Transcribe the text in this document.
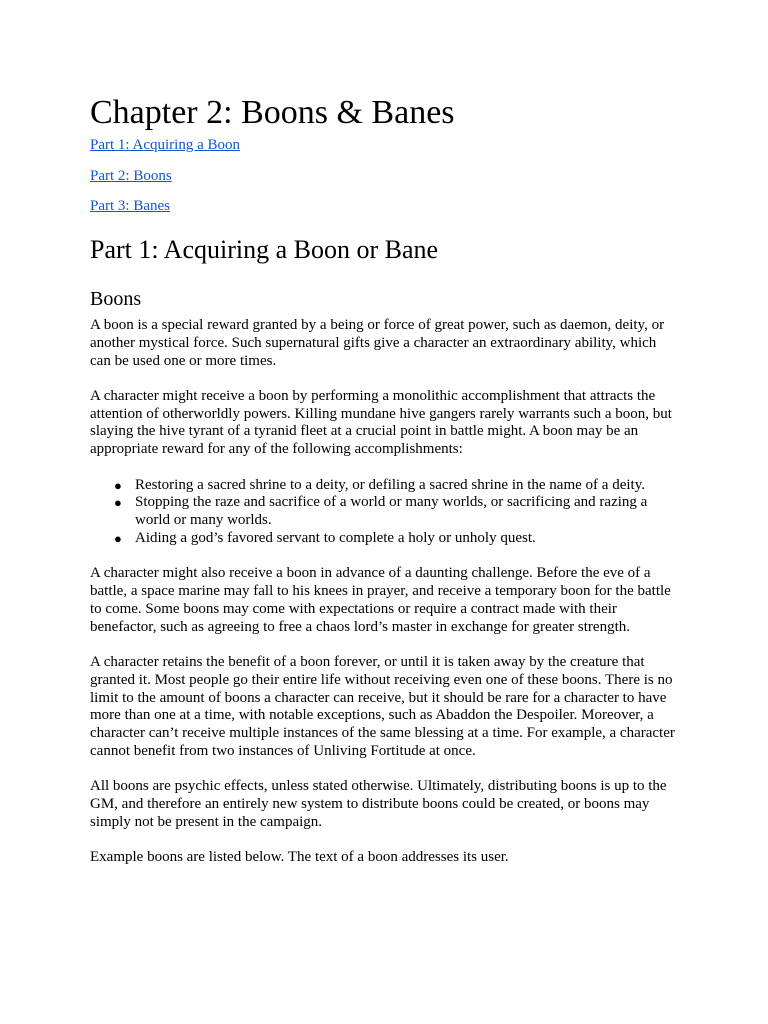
Chapter 2: Boons & Banes
Part 1: Acquiring a Boon
Part 2: Boons
Part 3: Banes
Part 1: Acquiring a Boon or Bane
Boons

A boon is a special reward granted by a being or force of great power, such as daemon, deity, or another mystical force. Such supernatural gifts give a character an extraordinary ability, which can be used one or more times.

A character might receive a boon by performing a monolithic accomplishment that attracts the attention of otherworldly powers. Killing mundane hive gangers rarely warrants such a boon, but slaying the hive tyrant of a tyranid fleet at a crucial point in battle might. A boon may be an appropriate reward for any of the following accomplishments:

● Restoring a sacred shrine to a deity, or defiling a sacred shrine in the name of a deity.
● Stopping the raze and sacrifice of a world or many worlds, or sacrificing and razing a world or many worlds.
● Aiding a god’s favored servant to complete a holy or unholy quest.

A character might also receive a boon in advance of a daunting challenge. Before the eve of a battle, a space marine may fall to his knees in prayer, and receive a temporary boon for the battle to come. Some boons may come with expectations or require a contract made with their benefactor, such as agreeing to free a chaos lord’s master in exchange for greater strength.

A character retains the benefit of a boon forever, or until it is taken away by the creature that granted it. Most people go their entire life without receiving even one of these boons. There is no limit to the amount of boons a character can receive, but it should be rare for a character to have more than one at a time, with notable exceptions, such as Abaddon the Despoiler. Moreover, a character can’t receive multiple instances of the same blessing at a time. For example, a character cannot benefit from two instances of Unliving Fortitude at once.

All boons are psychic effects, unless stated otherwise. Ultimately, distributing boons is up to the GM, and therefore an entirely new system to distribute boons could be created, or boons may simply not be present in the campaign.

Example boons are listed below. The text of a boon addresses its user.
